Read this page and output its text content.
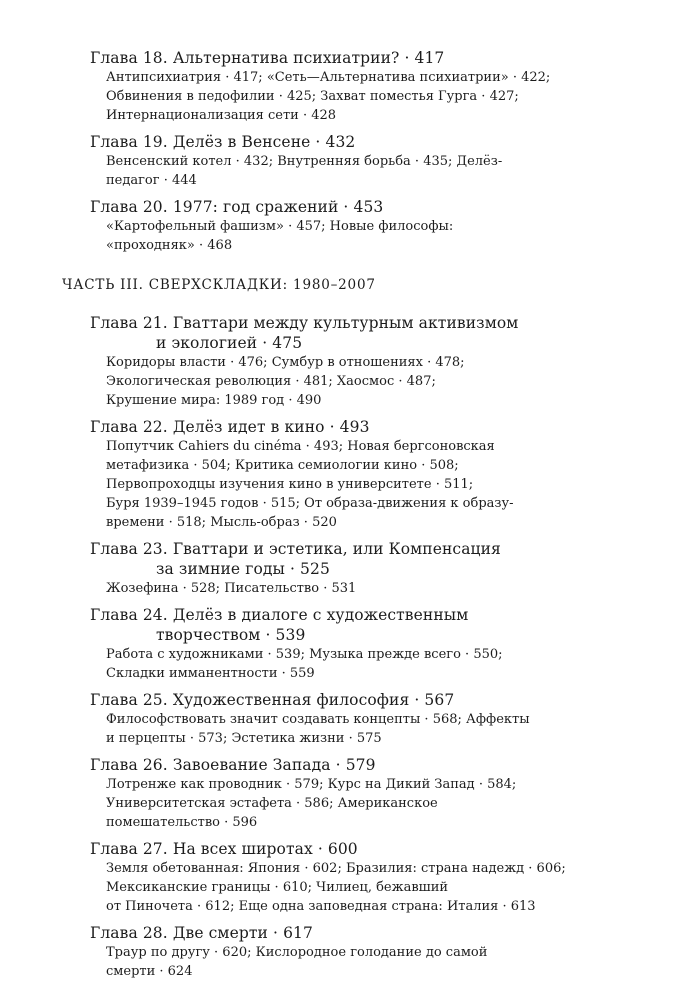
Глава 18. Альтернатива психиатрии? · 417
Антипсихиатрия · 417; «Сеть—Альтернатива психиатрии» · 422;
Обвинения в педофилии · 425; Захват поместья Гурга · 427;
Интернационализация сети · 428
Глава 19. Делёз в Венсене · 432
Венсенский котел · 432; Внутренняя борьба · 435; Делёз-
педагог · 444
Глава 20. 1977: год сражений · 453
«Картофельный фашизм» · 457; Новые философы:
«проходняк» · 468
ЧАСТЬ III. СВЕРХСКЛАДКИ: 1980–2007
Глава 21. Гваттари между культурным активизмом
и экологией · 475
Коридоры власти · 476; Сумбур в отношениях · 478;
Экологическая революция · 481; Хаосмос · 487;
Крушение мира: 1989 год · 490
Глава 22. Делёз идет в кино · 493
Попутчик Cahiers du cinéma · 493; Новая бергсоновская
метафизика · 504; Критика семиологии кино · 508;
Первопроходцы изучения кино в университете · 511;
Буря 1939–1945 годов · 515; От образа-движения к образу-
времени · 518; Мысль-образ · 520
Глава 23. Гваттари и эстетика, или Компенсация
за зимние годы · 525
Жозефина · 528; Писательство · 531
Глава 24. Делёз в диалоге с художественным
творчеством · 539
Работа с художниками · 539; Музыка прежде всего · 550;
Складки имманентности · 559
Глава 25. Художественная философия · 567
Философствовать значит создавать концепты · 568; Аффекты
и перцепты · 573; Эстетика жизни · 575
Глава 26. Завоевание Запада · 579
Лотренже как проводник · 579; Курс на Дикий Запад · 584;
Университетская эстафета · 586; Американское
помешательство · 596
Глава 27. На всех широтах · 600
Земля обетованная: Япония · 602; Бразилия: страна надежд · 606;
Мексиканские границы · 610; Чилиец, бежавший
от Пиночета · 612; Еще одна заповедная страна: Италия · 613
Глава 28. Две смерти · 617
Траур по другу · 620; Кислородное голодание до самой
смерти · 624
